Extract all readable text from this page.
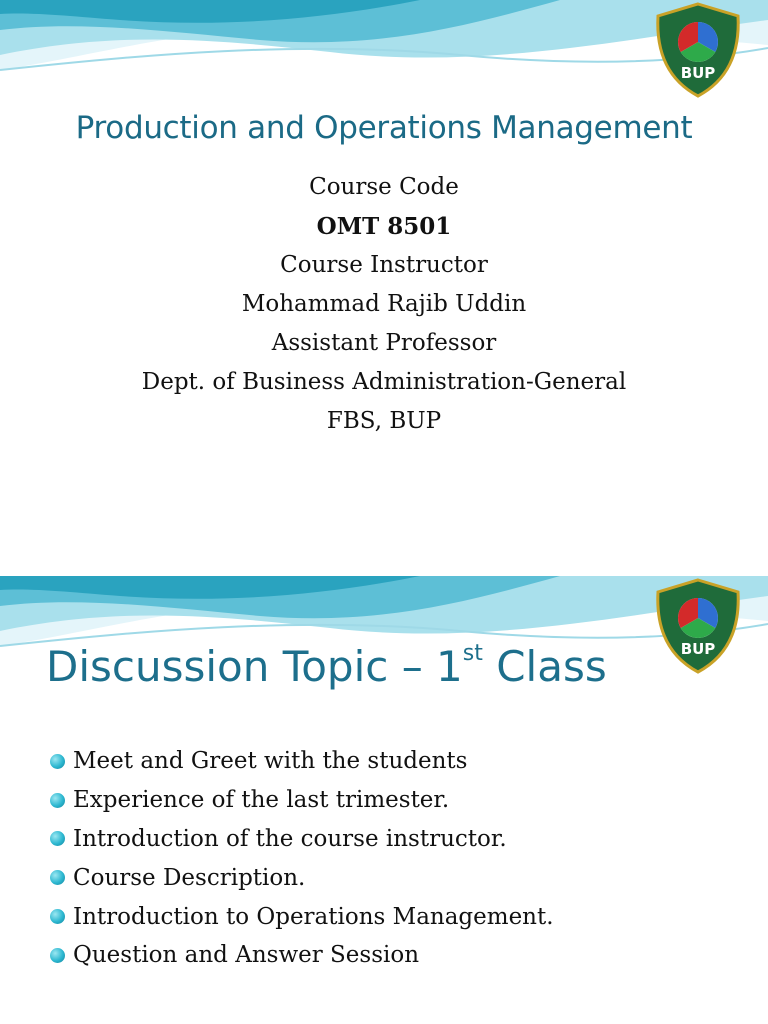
BUP
Production and Operations Management
Course Code
OMT 8501
Course Instructor
Mohammad Rajib Uddin
Assistant Professor
Dept. of Business Administration-General
FBS, BUP
BUP
Discussion Topic – 1st Class
Meet and Greet with the students
Experience of the last trimester.
Introduction of the course instructor.
Course Description.
Introduction to Operations Management.
Question and Answer Session
